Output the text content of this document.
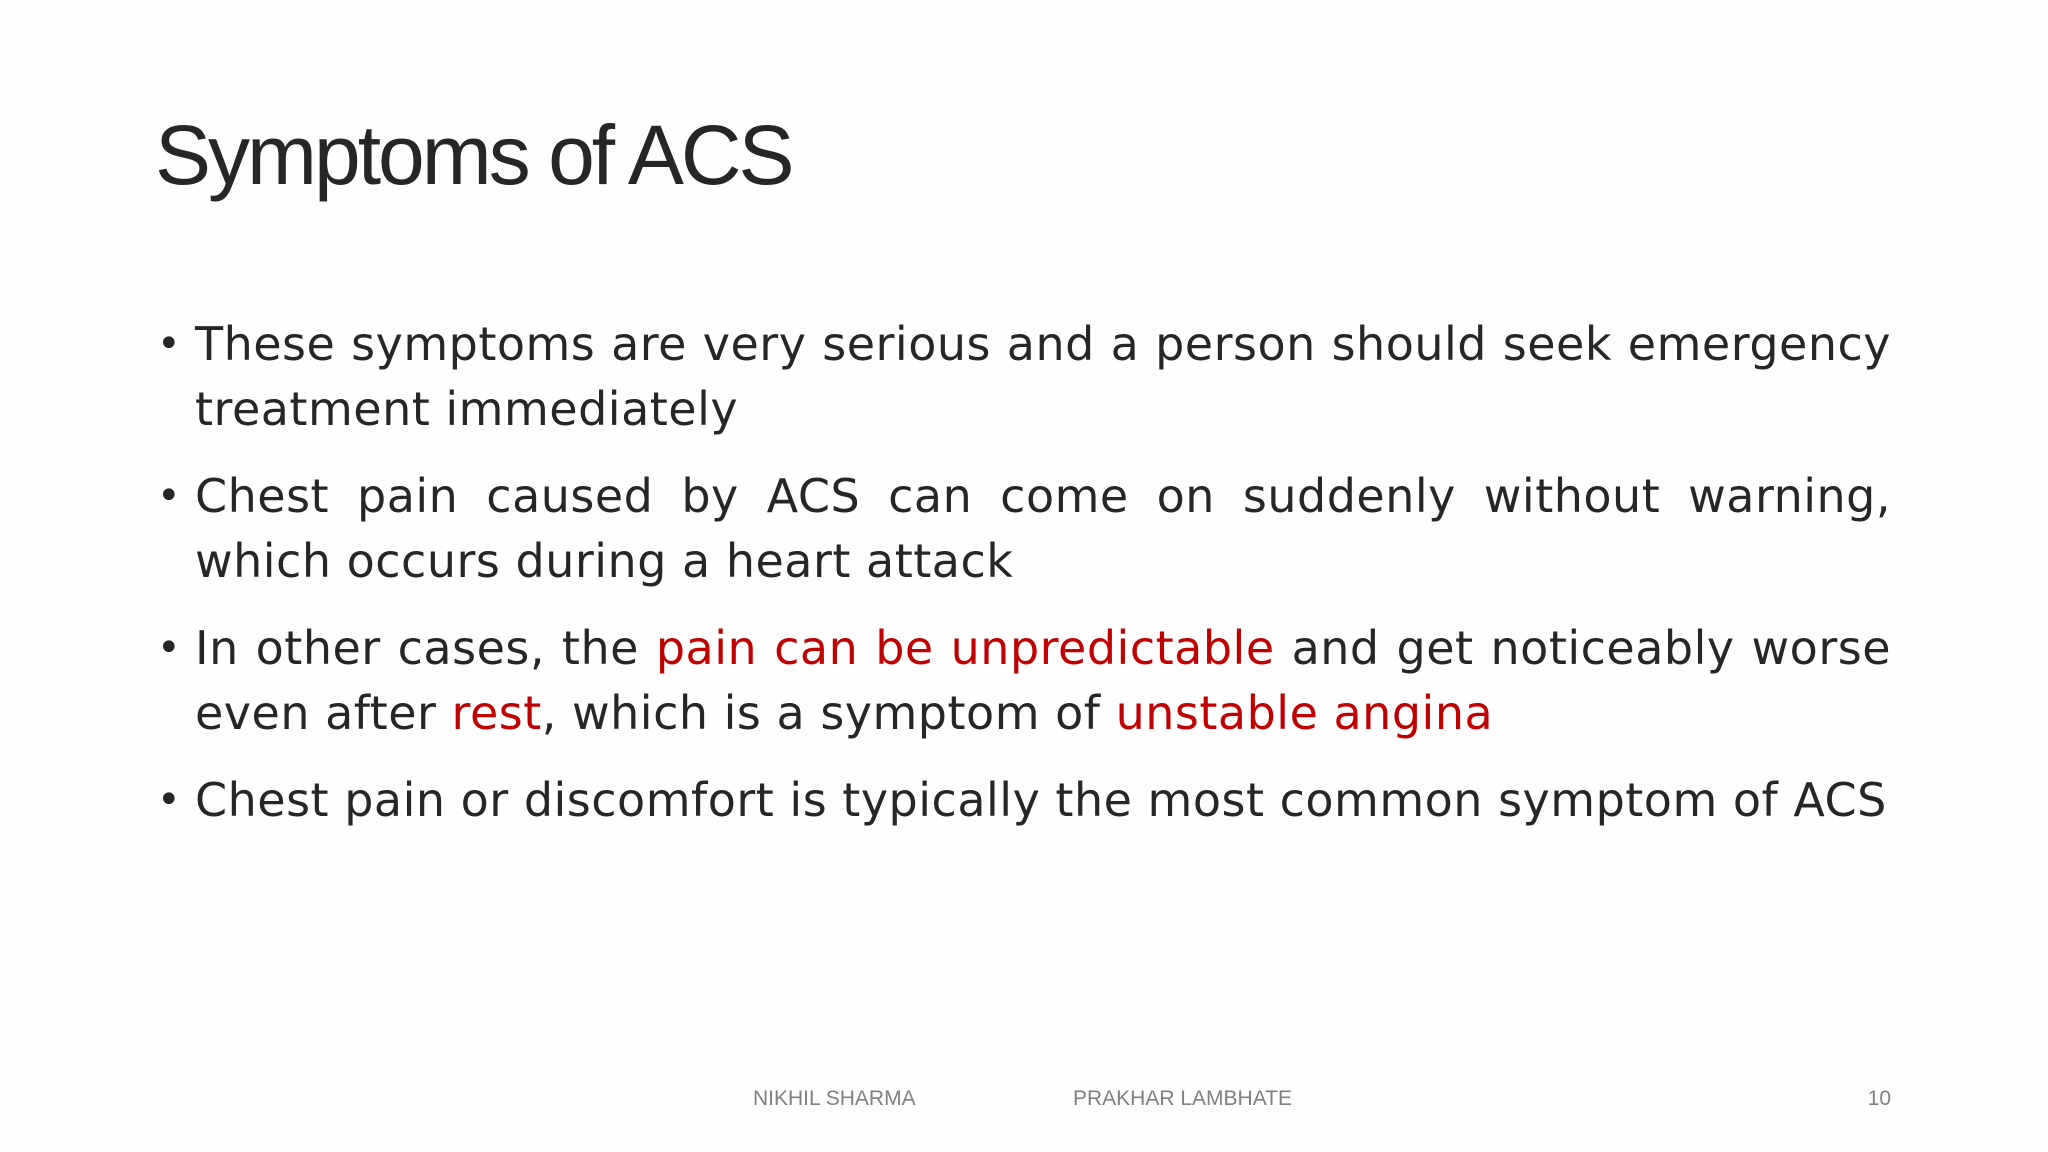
Symptoms of ACS
• These symptoms are very serious and a person should seek emergency treatment immediately
• Chest pain caused by ACS can come on suddenly without warning, which occurs during a heart attack
• In other cases, the pain can be unpredictable and get noticeably worse even after rest, which is a symptom of unstable angina
• Chest pain or discomfort is typically the most common symptom of ACS

NIKHIL SHARMA	PRAKHAR LAMBHATE	10
